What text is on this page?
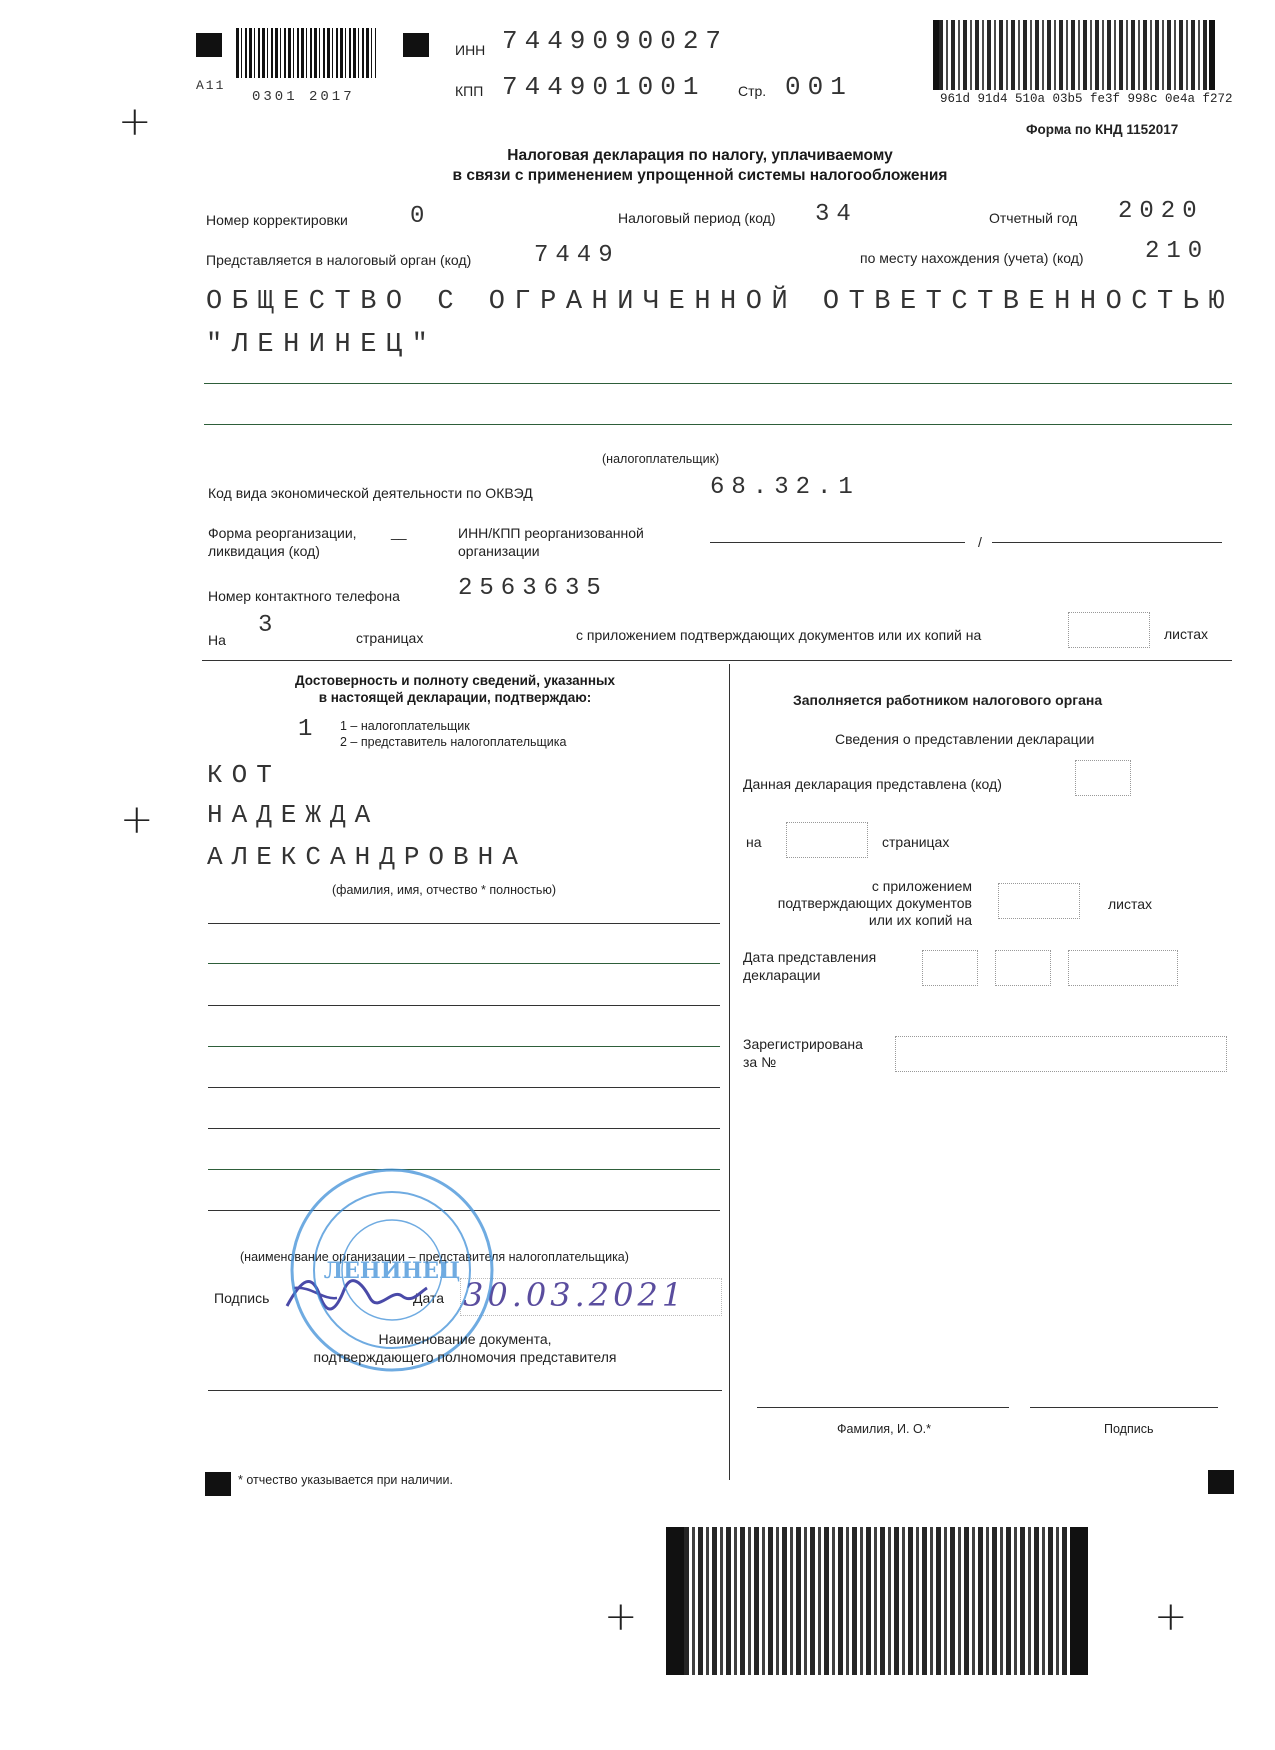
А11
0301 2017
ИНН 7449090027
КПП 744901001 Стр. 001	961d 91d4 510a 03b5 fe3f 998c 0e4a f272
Форма по КНД 1152017
+
Налоговая декларация по налогу, уплачиваемому
в связи с применением упрощенной системы налогообложения
Номер корректировки	0	Налоговый период (код) 34	Отчетный год 2020
Представляется в налоговый орган (код)	7449	по месту нахождения (учета) (код)	210
ОБЩЕСТВО С ОГРАНИЧЕННОЙ ОТВЕТСТВЕННОСТЬЮ
"ЛЕНИНЕЦ"
(налогоплательщик)
Код вида экономической деятельности по ОКВЭД	68.32.1
Форма реорганизации,
ликвидация (код)
__	ИНН/КПП реорганизованной
организации
/
Номер контактного телефона 2563635
На
3	страницах	с приложением подтверждающих документов или их копий на	листах
Достоверность и полноту сведений, указанных
в настоящей декларации, подтверждаю:
1 1 – налогоплательщик
2 – представитель налогоплательщика
КОТ
НАДЕЖДА
АЛЕКСАНДРОВНА
(фамилия, имя, отчество * полностью)
(наименование организации – представителя налогоплательщика)
Подпись	Дата 30.03.2021
ЛЕНИНЕЦ
Наименование документа,
подтверждающего полномочия представителя
Заполняется работником налогового органа
Сведения о представлении декларации
Данная декларация представлена (код)
на	страницах
с приложением
подтверждающих документов
или их копий на
листах
Дата представления
декларации
Зарегистрирована
за №
Фамилия, И. О.*	Подпись
* отчество указывается при наличии.
+
+	+
